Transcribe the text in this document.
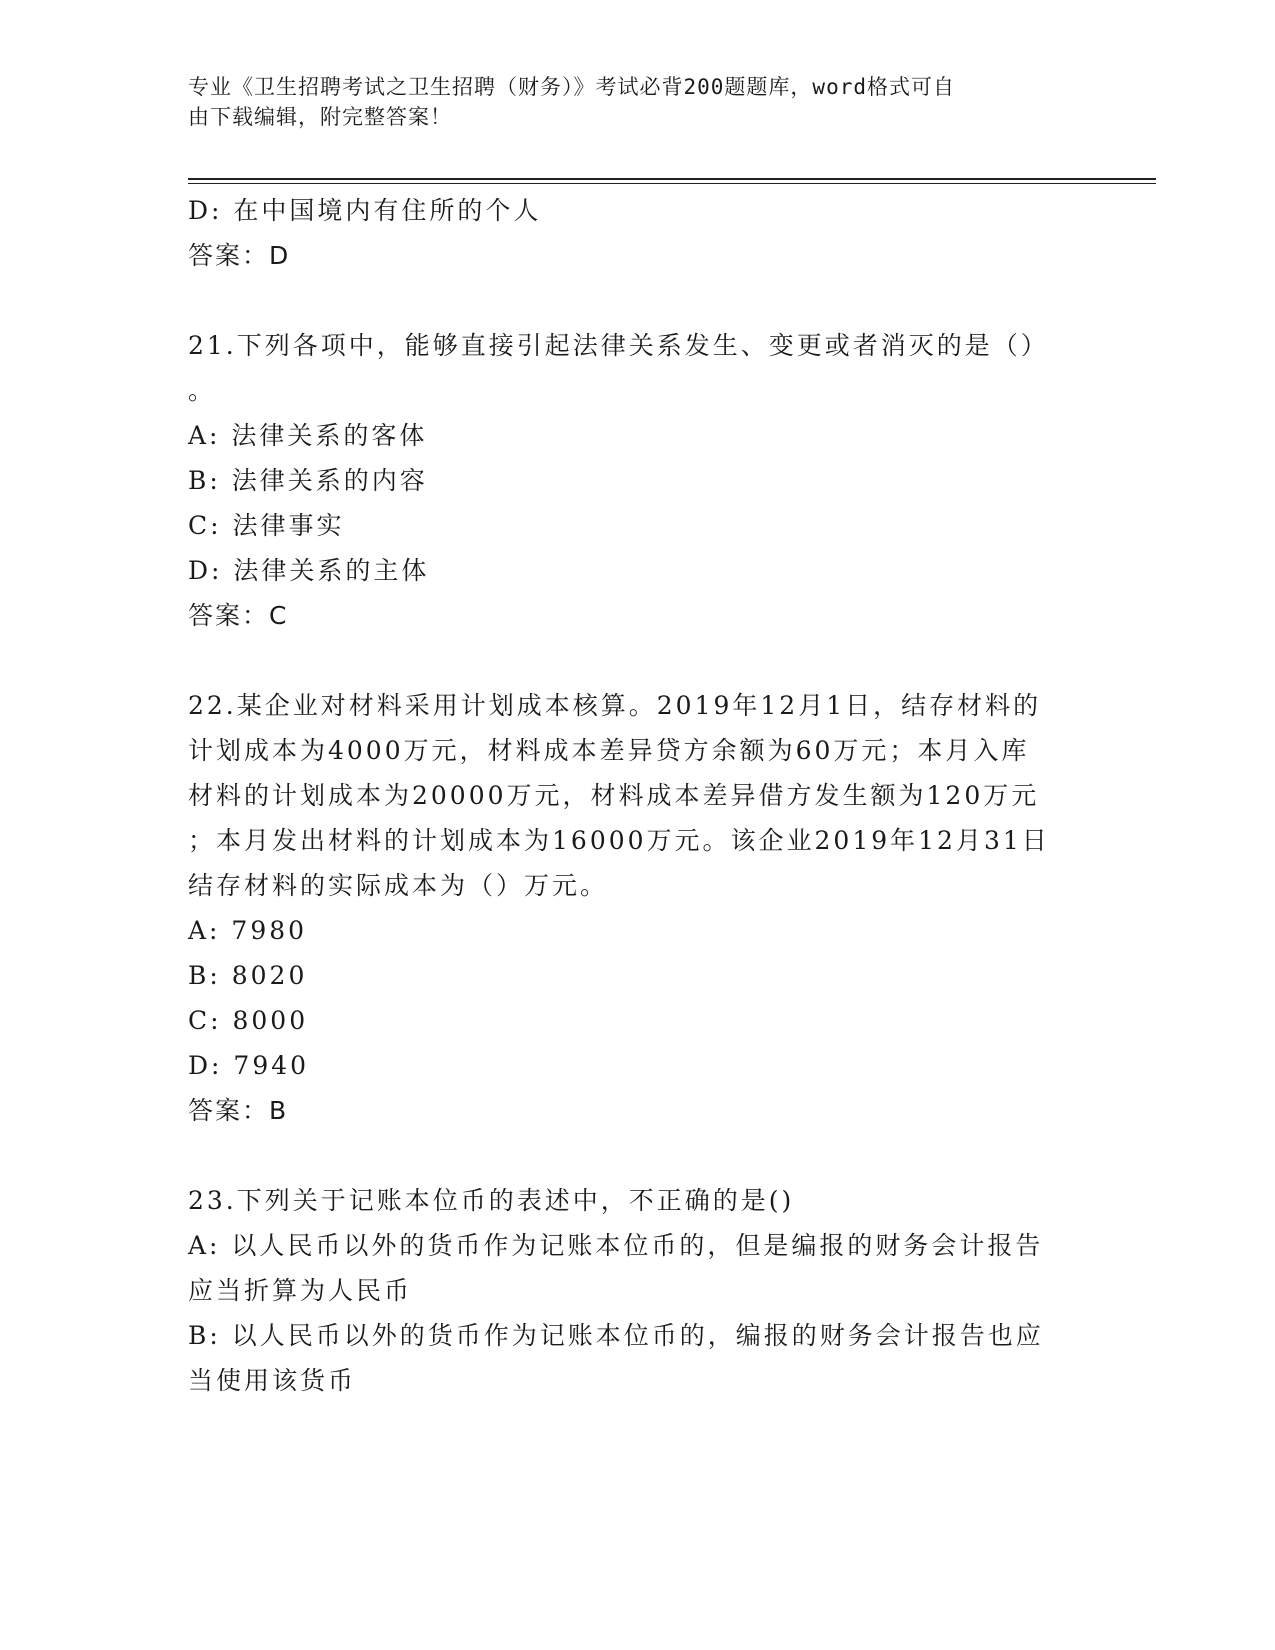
专业《卫生招聘考试之卫生招聘（财务）》考试必背200题题库，word格式可自
由下载编辑，附完整答案！
D: 在中国境内有住所的个人
答案：D
21.下列各项中，能够直接引起法律关系发生、变更或者消灭的是（）
。
A: 法律关系的客体
B: 法律关系的内容
C: 法律事实
D: 法律关系的主体
答案：C
22.某企业对材料采用计划成本核算。2019年12月1日，结存材料的
计划成本为4000万元，材料成本差异贷方余额为60万元；本月入库
材料的计划成本为20000万元，材料成本差异借方发生额为120万元
；本月发出材料的计划成本为16000万元。该企业2019年12月31日
结存材料的实际成本为（）万元。
A: 7980
B: 8020
C: 8000
D: 7940
答案：B
23.下列关于记账本位币的表述中，不正确的是()
A: 以人民币以外的货币作为记账本位币的，但是编报的财务会计报告
应当折算为人民币
B: 以人民币以外的货币作为记账本位币的，编报的财务会计报告也应
当使用该货币
